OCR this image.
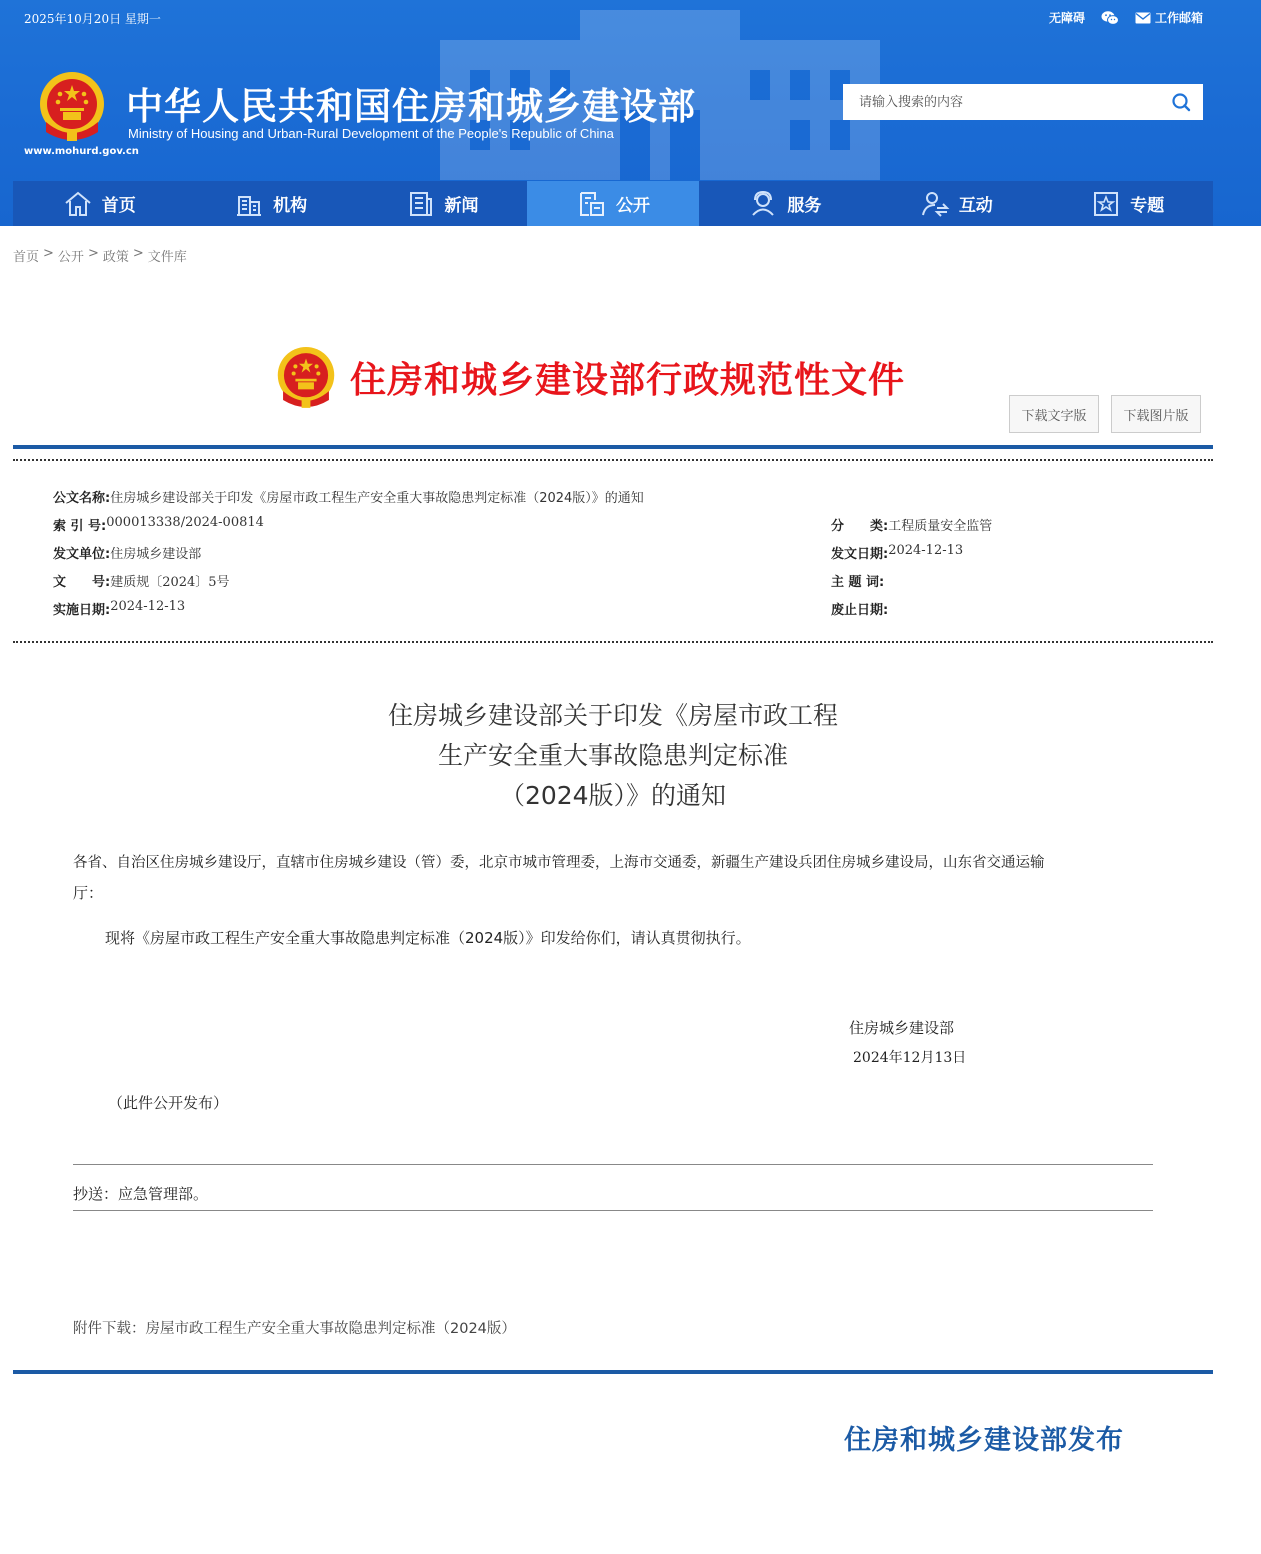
2025年10月20日 星期一	无障碍	工作邮箱
www.mohurd.gov.cn
中华人民共和国住房和城乡建设部
Ministry of Housing and Urban-Rural Development of the People's Republic of China
请输入搜索的内容
首页	机构	新闻	公开	服务	互动	专题
首页 > 公开 > 政策 > 文件库
住房和城乡建设部行政规范性文件
下载文字版	下载图片版
公文名称: 住房城乡建设部关于印发《房屋市政工程生产安全重大事故隐患判定标准（2024版）》的通知
索 引 号: 000013338/2024-00814	分　　类: 工程质量安全监管
发文单位: 住房城乡建设部	发文日期: 2024-12-13
文　　号: 建质规〔2024〕5号	主 题 词:
实施日期: 2024-12-13	废止日期:
住房城乡建设部关于印发《房屋市政工程
生产安全重大事故隐患判定标准
（2024版）》的通知
各省、自治区住房城乡建设厅，直辖市住房城乡建设（管）委，北京市城市管理委，上海市交通委，新疆生产建设兵团住房城乡建设局，山东省交通运输
厅：
现将《房屋市政工程生产安全重大事故隐患判定标准（2024版）》印发给你们，请认真贯彻执行。
住房城乡建设部
2024年12月13日
（此件公开发布）
抄送：应急管理部。
附件下载：房屋市政工程生产安全重大事故隐患判定标准（2024版）
住房和城乡建设部发布
